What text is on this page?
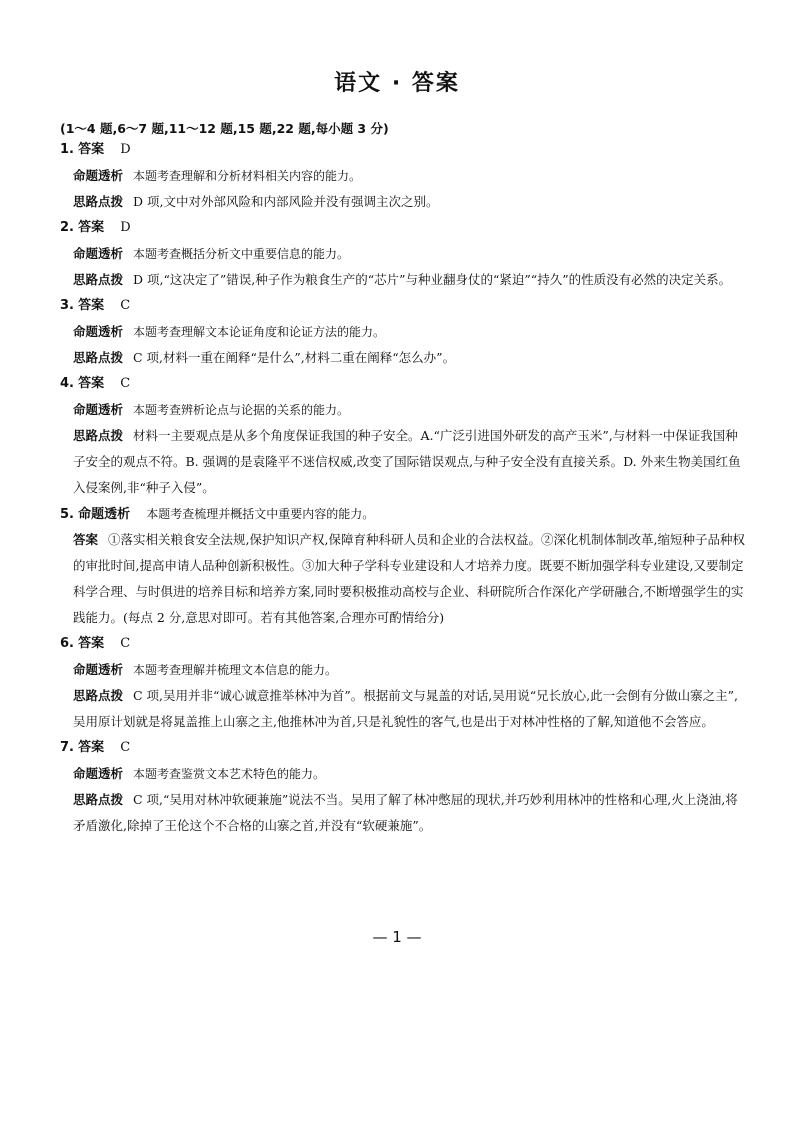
语文 · 答案
(1～4 题,6～7 题,11～12 题,15 题,22 题,每小题 3 分)
1. 答案 D
命题透析 本题考查理解和分析材料相关内容的能力。
思路点拨 D 项,文中对外部风险和内部风险并没有强调主次之别。
2. 答案 D
命题透析 本题考查概括分析文中重要信息的能力。
思路点拨 D 项,“这决定了”错误,种子作为粮食生产的“芯片”与种业翻身仗的“紧迫”“持久”的性质没有必然的决定关系。
3. 答案 C
命题透析 本题考查理解文本论证角度和论证方法的能力。
思路点拨 C 项,材料一重在阐释“是什么”,材料二重在阐释“怎么办”。
4. 答案 C
命题透析 本题考查辨析论点与论据的关系的能力。
思路点拨 材料一主要观点是从多个角度保证我国的种子安全。A.“广泛引进国外研发的高产玉米”,与材料一中保证我国种子安全的观点不符。B. 强调的是袁隆平不迷信权威,改变了国际错误观点,与种子安全没有直接关系。D. 外来生物美国红鱼入侵案例,非“种子入侵”。
5. 命题透析 本题考查梳理并概括文中重要内容的能力。
答案 ①落实相关粮食安全法规,保护知识产权,保障育种科研人员和企业的合法权益。②深化机制体制改革,缩短种子品种权的审批时间,提高申请人品种创新积极性。③加大种子学科专业建设和人才培养力度。既要不断加强学科专业建设,又要制定科学合理、与时俱进的培养目标和培养方案,同时要积极推动高校与企业、科研院所合作深化产学研融合,不断增强学生的实践能力。(每点 2 分,意思对即可。若有其他答案,合理亦可酌情给分)
6. 答案 C
命题透析 本题考查理解并梳理文本信息的能力。
思路点拨 C 项,吴用并非“诚心诚意推举林冲为首”。根据前文与晁盖的对话,吴用说“兄长放心,此一会倒有分做山寨之主”,吴用原计划就是将晁盖推上山寨之主,他推林冲为首,只是礼貌性的客气,也是出于对林冲性格的了解,知道他不会答应。
7. 答案 C
命题透析 本题考查鉴赏文本艺术特色的能力。
思路点拨 C 项,“吴用对林冲软硬兼施”说法不当。吴用了解了林冲憋屈的现状,并巧妙利用林冲的性格和心理,火上浇油,将矛盾激化,除掉了王伦这个不合格的山寨之首,并没有“软硬兼施”。
— 1 —
